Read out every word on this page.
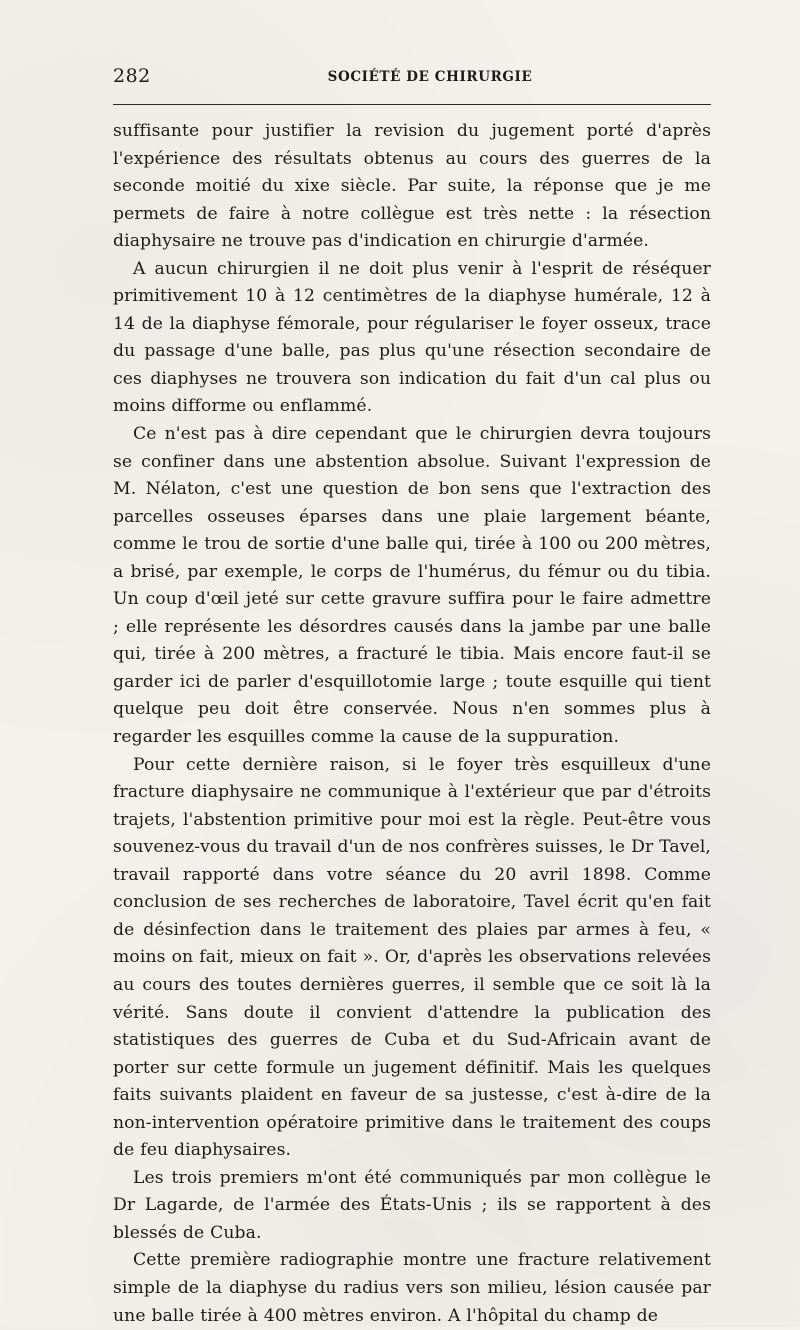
282	SOCIÉTÉ DE CHIRURGIE

suffisante pour justifier la revision du jugement porté d'après l'expérience des résultats obtenus au cours des guerres de la seconde moitié du xixe siècle. Par suite, la réponse que je me permets de faire à notre collègue est très nette : la résection diaphysaire ne trouve pas d'indication en chirurgie d'armée.

A aucun chirurgien il ne doit plus venir à l'esprit de réséquer primitivement 10 à 12 centimètres de la diaphyse humérale, 12 à 14 de la diaphyse fémorale, pour régulariser le foyer osseux, trace du passage d'une balle, pas plus qu'une résection secondaire de ces diaphyses ne trouvera son indication du fait d'un cal plus ou moins difforme ou enflammé.

Ce n'est pas à dire cependant que le chirurgien devra toujours se confiner dans une abstention absolue. Suivant l'expression de M. Nélaton, c'est une question de bon sens que l'extraction des parcelles osseuses éparses dans une plaie largement béante, comme le trou de sortie d'une balle qui, tirée à 100 ou 200 mètres, a brisé, par exemple, le corps de l'humérus, du fémur ou du tibia. Un coup d'œil jeté sur cette gravure suffira pour le faire admettre ; elle représente les désordres causés dans la jambe par une balle qui, tirée à 200 mètres, a fracturé le tibia. Mais encore faut-il se garder ici de parler d'esquillotomie large ; toute esquille qui tient quelque peu doit être conservée. Nous n'en sommes plus à regarder les esquilles comme la cause de la suppuration.

Pour cette dernière raison, si le foyer très esquilleux d'une fracture diaphysaire ne communique à l'extérieur que par d'étroits trajets, l'abstention primitive pour moi est la règle. Peut-être vous souvenez-vous du travail d'un de nos confrères suisses, le Dr Tavel, travail rapporté dans votre séance du 20 avril 1898. Comme conclusion de ses recherches de laboratoire, Tavel écrit qu'en fait de désinfection dans le traitement des plaies par armes à feu, « moins on fait, mieux on fait ». Or, d'après les observations relevées au cours des toutes dernières guerres, il semble que ce soit là la vérité. Sans doute il convient d'attendre la publication des statistiques des guerres de Cuba et du Sud-Africain avant de porter sur cette formule un jugement définitif. Mais les quelques faits suivants plaident en faveur de sa justesse, c'est à-dire de la non-intervention opératoire primitive dans le traitement des coups de feu diaphysaires.

Les trois premiers m'ont été communiqués par mon collègue le Dr Lagarde, de l'armée des États-Unis ; ils se rapportent à des blessés de Cuba.

Cette première radiographie montre une fracture relativement simple de la diaphyse du radius vers son milieu, lésion causée par une balle tirée à 400 mètres environ. A l'hôpital du champ de
